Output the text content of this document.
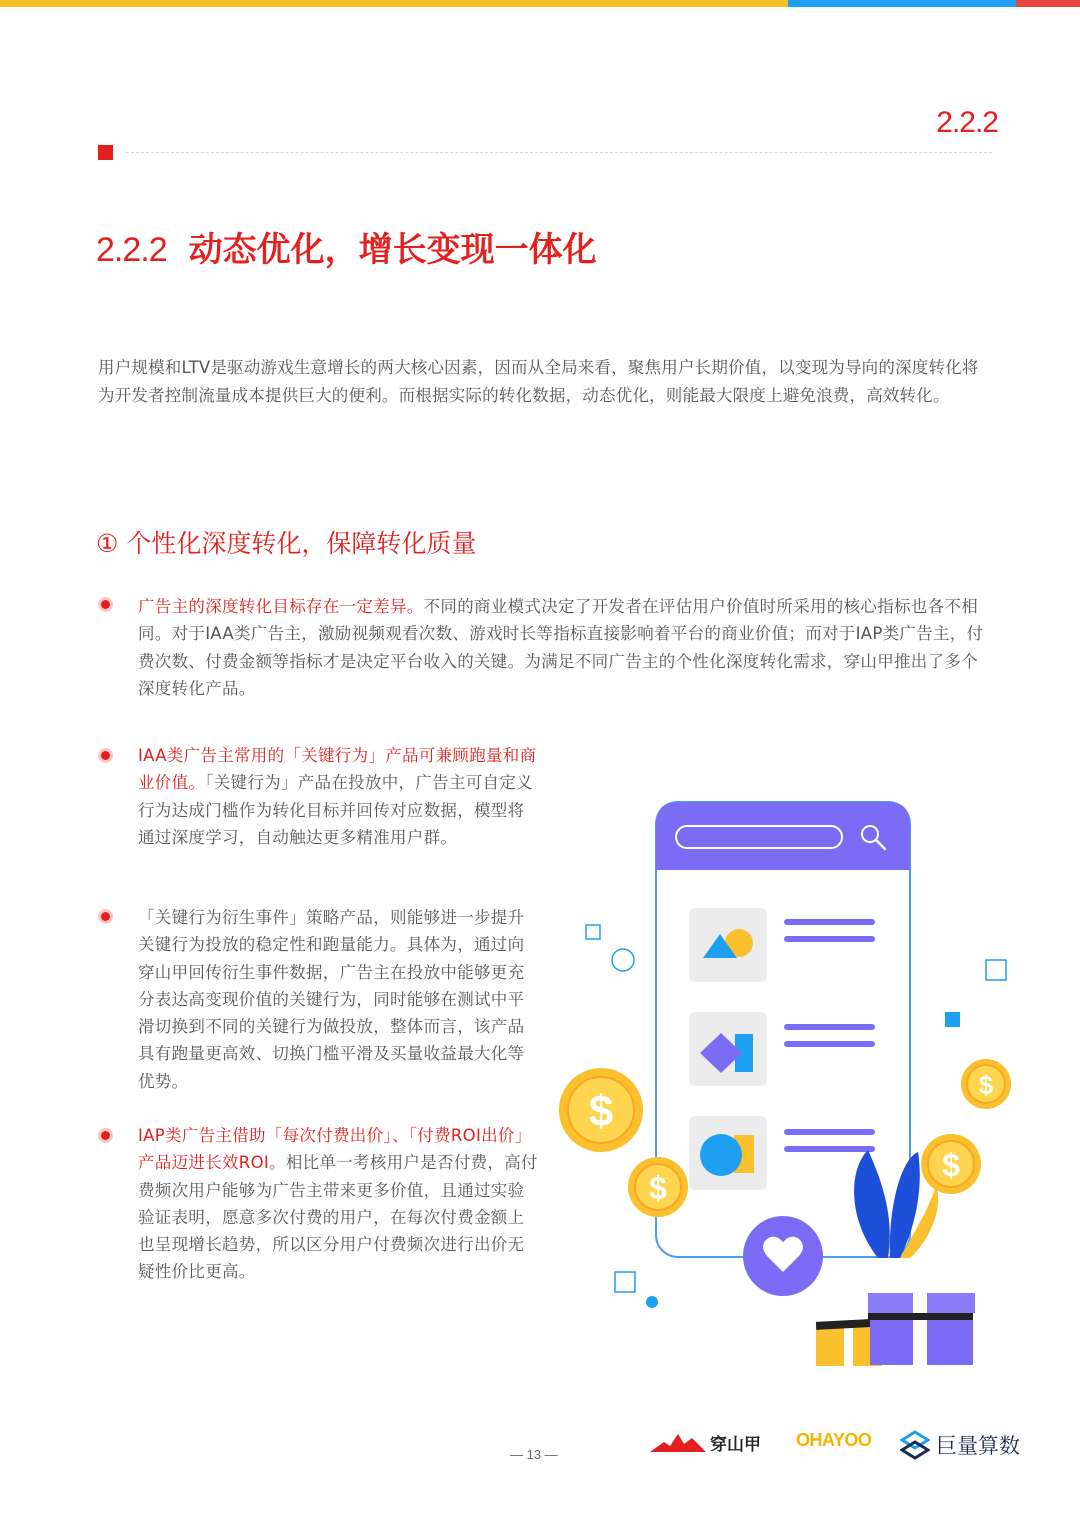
2.2.2
2.2.2 动态优化，增长变现一体化

用户规模和LTV是驱动游戏生意增长的两大核心因素，因而从全局来看，聚焦用户长期价值，以变现为导向的深度转化将为开发者控制流量成本提供巨大的便利。而根据实际的转化数据，动态优化，则能最大限度上避免浪费，高效转化。

① 个性化深度转化，保障转化质量

广告主的深度转化目标存在一定差异。不同的商业模式决定了开发者在评估用户价值时所采用的核心指标也各不相同。对于IAA类广告主，激励视频观看次数、游戏时长等指标直接影响着平台的商业价值；而对于IAP类广告主，付费次数、付费金额等指标才是决定平台收入的关键。为满足不同广告主的个性化深度转化需求，穿山甲推出了多个深度转化产品。

IAA类广告主常用的「关键行为」产品可兼顾跑量和商业价值。「关键行为」产品在投放中，广告主可自定义行为达成门槛作为转化目标并回传对应数据，模型将通过深度学习，自动触达更多精准用户群。

「关键行为衍生事件」策略产品，则能够进一步提升关键行为投放的稳定性和跑量能力。具体为，通过向穿山甲回传衍生事件数据，广告主在投放中能够更充分表达高变现价值的关键行为，同时能够在测试中平滑切换到不同的关键行为做投放，整体而言，该产品具有跑量更高效、切换门槛平滑及买量收益最大化等优势。

IAP类广告主借助「每次付费出价」、「付费ROI出价」产品迈进长效ROI。相比单一考核用户是否付费，高付费频次用户能够为广告主带来更多价值，且通过实验验证表明，愿意多次付费的用户，在每次付费金额上也呈现增长趋势，所以区分用户付费频次进行出价无疑性价比更高。

$
$
$
$
— 13 —	穿山甲 OHAYOO	巨量算数
